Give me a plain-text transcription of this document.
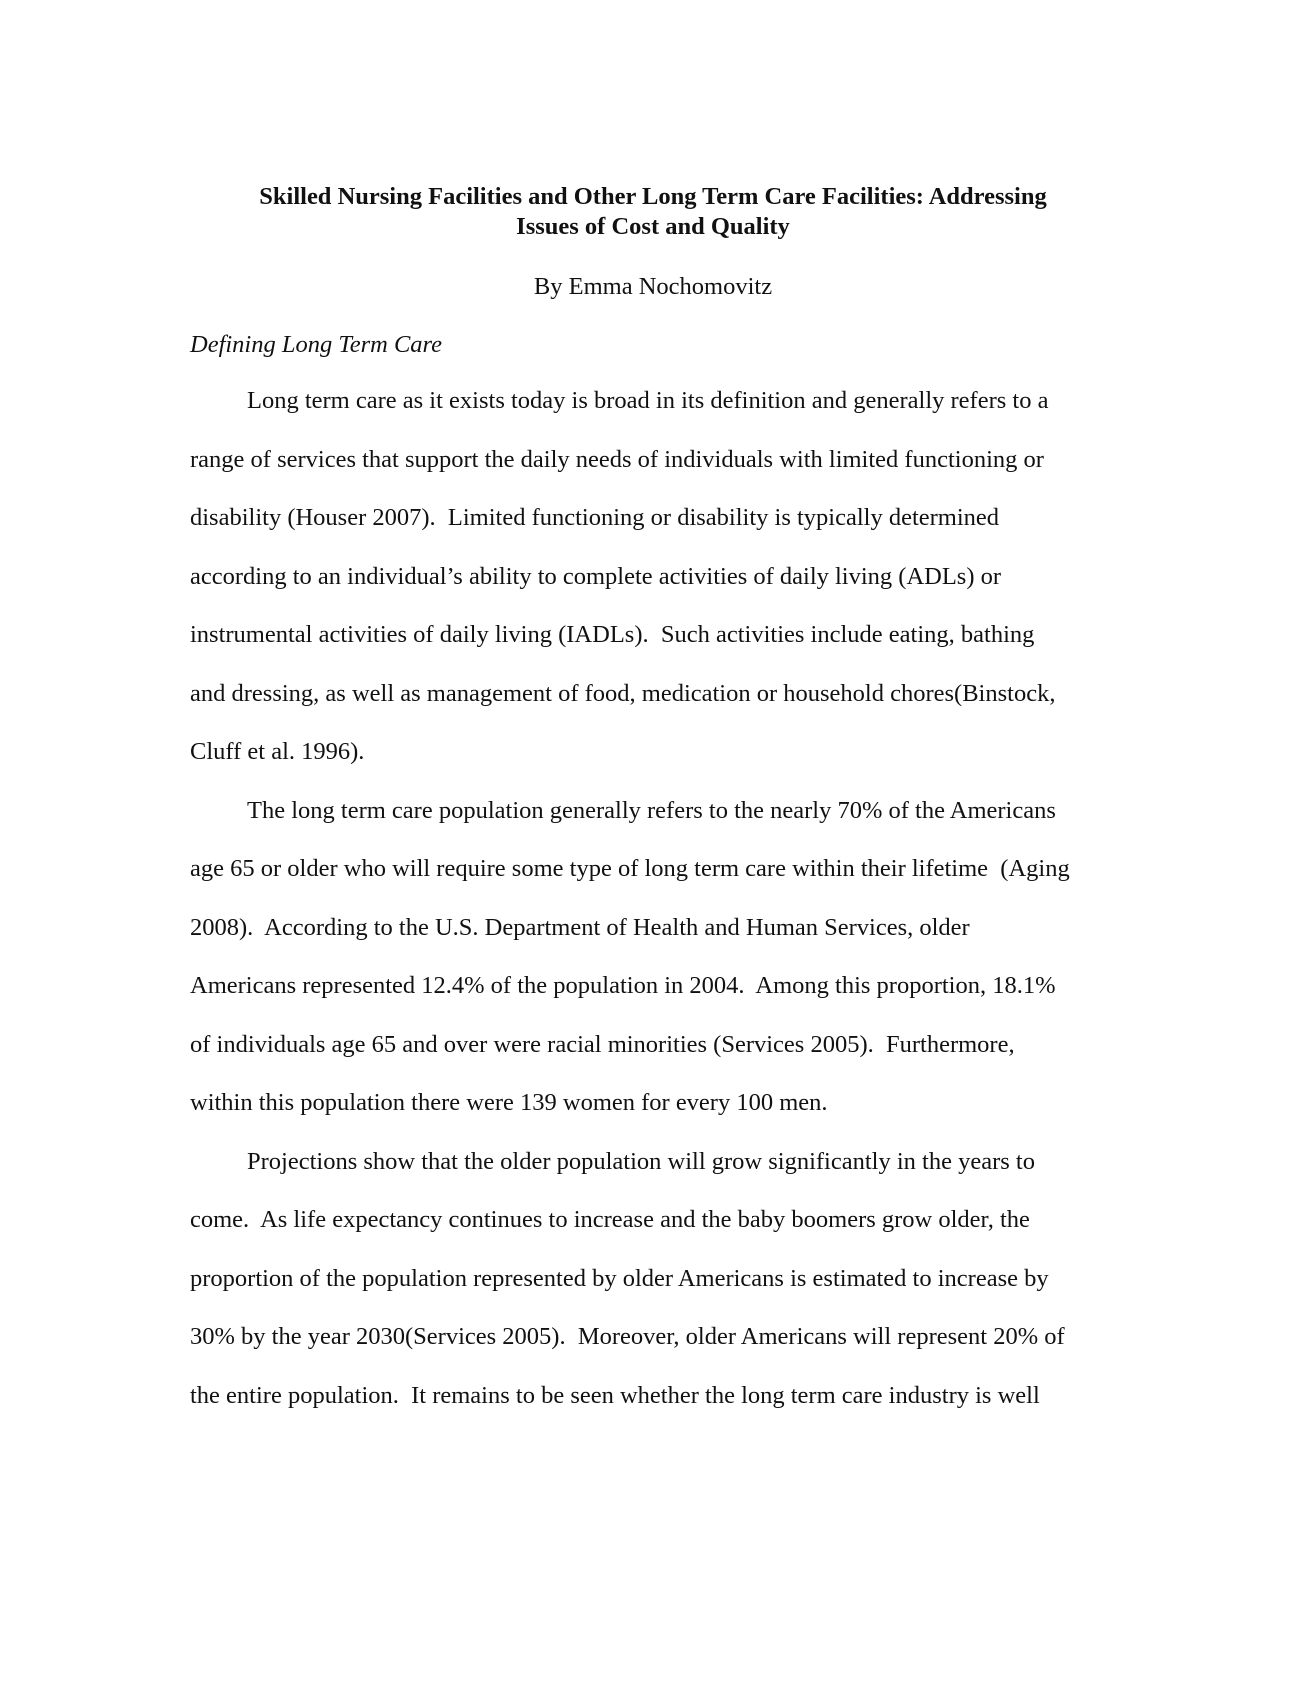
Skilled Nursing Facilities and Other Long Term Care Facilities: Addressing
Issues of Cost and Quality

By Emma Nochomovitz

Defining Long Term Care
Long term care as it exists today is broad in its definition and generally refers to a
range of services that support the daily needs of individuals with limited functioning or
disability (Houser 2007).  Limited functioning or disability is typically determined
according to an individual’s ability to complete activities of daily living (ADLs) or
instrumental activities of daily living (IADLs).  Such activities include eating, bathing
and dressing, as well as management of food, medication or household chores(Binstock,
Cluff et al. 1996).
The long term care population generally refers to the nearly 70% of the Americans
age 65 or older who will require some type of long term care within their lifetime  (Aging
2008).  According to the U.S. Department of Health and Human Services, older
Americans represented 12.4% of the population in 2004.  Among this proportion, 18.1%
of individuals age 65 and over were racial minorities (Services 2005).  Furthermore,
within this population there were 139 women for every 100 men.
Projections show that the older population will grow significantly in the years to
come.  As life expectancy continues to increase and the baby boomers grow older, the
proportion of the population represented by older Americans is estimated to increase by
30% by the year 2030(Services 2005).  Moreover, older Americans will represent 20% of
the entire population.  It remains to be seen whether the long term care industry is well
